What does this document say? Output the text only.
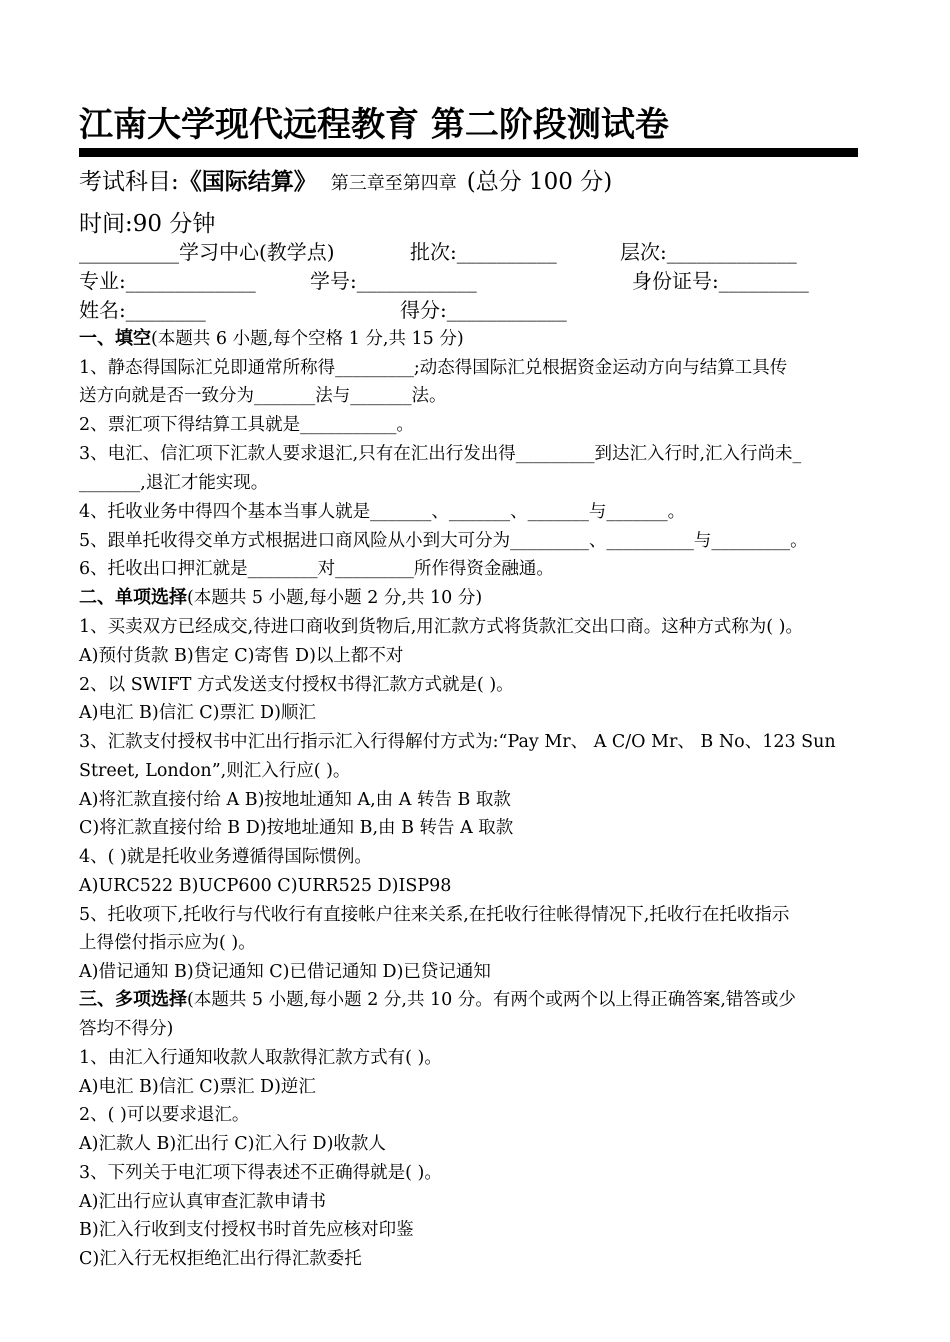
江南大学现代远程教育 第二阶段测试卷
考试科目:《国际结算》 第三章至第四章 (总分 100 分)
时间:90 分钟
__________学习中心(教学点)	批次:__________	层次:_____________
专业:_____________	学号:____________	身份证号:_________
姓名:________	得分:____________
一、填空(本题共 6 小题,每个空格 1 分,共 15 分)
1、静态得国际汇兑即通常所称得_________;动态得国际汇兑根据资金运动方向与结算工具传
送方向就是否一致分为_______法与_______法。
2、票汇项下得结算工具就是___________。
3、电汇、信汇项下汇款人要求退汇,只有在汇出行发出得_________到达汇入行时,汇入行尚未_
_______,退汇才能实现。
4、托收业务中得四个基本当事人就是_______、_______、_______与_______。
5、跟单托收得交单方式根据进口商风险从小到大可分为_________、__________与_________。
6、托收出口押汇就是________对_________所作得资金融通。
二、单项选择(本题共 5 小题,每小题 2 分,共 10 分)
1、买卖双方已经成交,待进口商收到货物后,用汇款方式将货款汇交出口商。这种方式称为( )。
A)预付货款 B)售定 C)寄售 D)以上都不对
2、以 SWIFT 方式发送支付授权书得汇款方式就是( )。
A)电汇 B)信汇 C)票汇 D)顺汇
3、汇款支付授权书中汇出行指示汇入行得解付方式为:“Pay Mr、 A C/O Mr、 B No、123 Sun
Street, London”,则汇入行应( )。
A)将汇款直接付给 A B)按地址通知 A,由 A 转告 B 取款
C)将汇款直接付给 B D)按地址通知 B,由 B 转告 A 取款
4、( )就是托收业务遵循得国际惯例。
A)URC522 B)UCP600 C)URR525 D)ISP98
5、托收项下,托收行与代收行有直接帐户往来关系,在托收行往帐得情况下,托收行在托收指示
上得偿付指示应为( )。
A)借记通知 B)贷记通知 C)已借记通知 D)已贷记通知
三、多项选择(本题共 5 小题,每小题 2 分,共 10 分。有两个或两个以上得正确答案,错答或少
答均不得分)
1、由汇入行通知收款人取款得汇款方式有( )。
A)电汇 B)信汇 C)票汇 D)逆汇
2、( )可以要求退汇。
A)汇款人 B)汇出行 C)汇入行 D)收款人
3、下列关于电汇项下得表述不正确得就是( )。
A)汇出行应认真审查汇款申请书
B)汇入行收到支付授权书时首先应核对印鉴
C)汇入行无权拒绝汇出行得汇款委托
